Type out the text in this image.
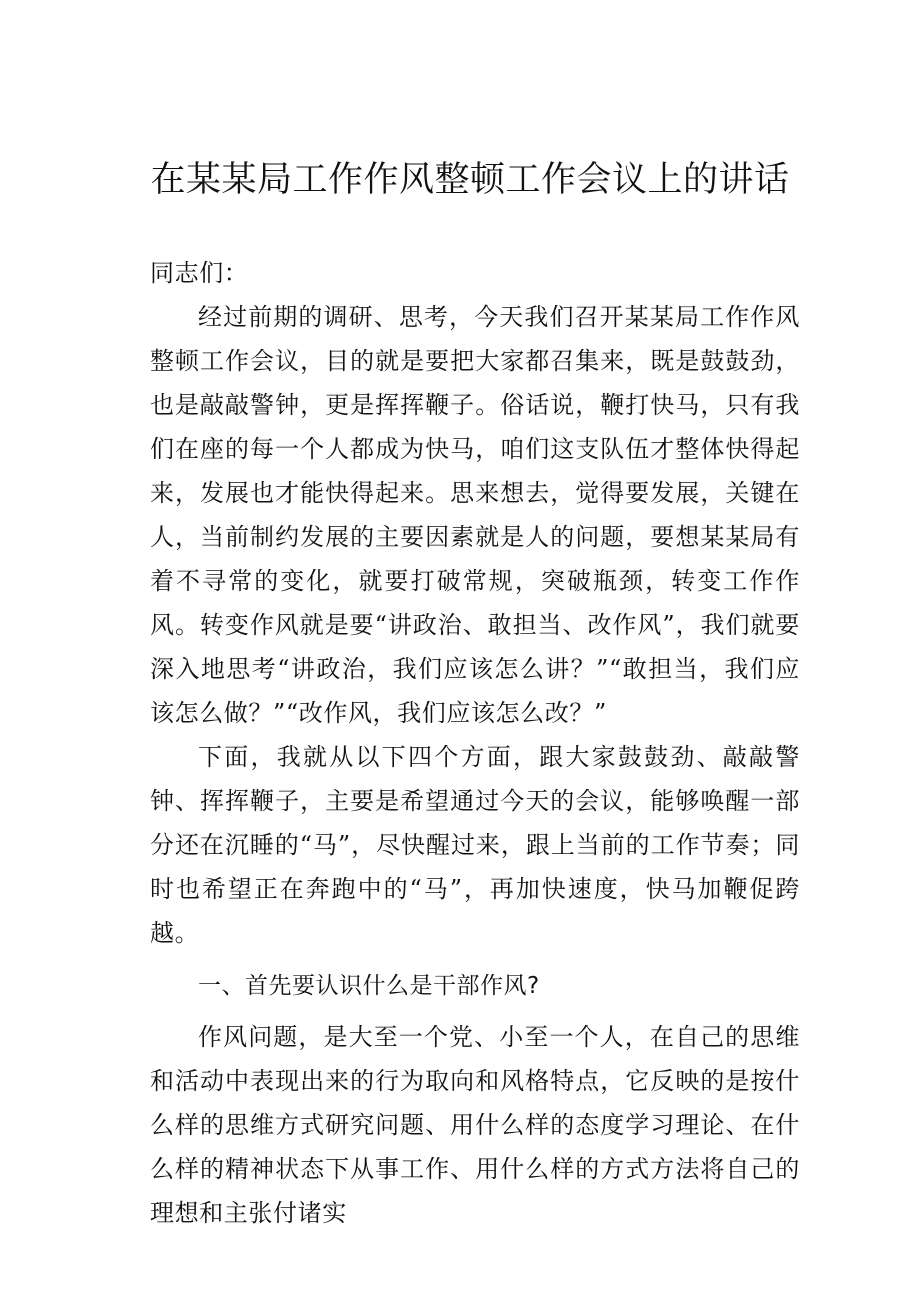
在某某局工作作风整顿工作会议上的讲话

同志们：

经过前期的调研、思考，今天我们召开某某局工作作风整顿工作会议，目的就是要把大家都召集来，既是鼓鼓劲，也是敲敲警钟，更是挥挥鞭子。俗话说，鞭打快马，只有我们在座的每一个人都成为快马，咱们这支队伍才整体快得起来，发展也才能快得起来。思来想去，觉得要发展，关键在人，当前制约发展的主要因素就是人的问题，要想某某局有着不寻常的变化，就要打破常规，突破瓶颈，转变工作作风。转变作风就是要“讲政治、敢担当、改作风”，我们就要深入地思考“讲政治，我们应该怎么讲？”“敢担当，我们应该怎么做？”“改作风，我们应该怎么改？”

下面，我就从以下四个方面，跟大家鼓鼓劲、敲敲警钟、挥挥鞭子，主要是希望通过今天的会议，能够唤醒一部分还在沉睡的“马”，尽快醒过来，跟上当前的工作节奏；同时也希望正在奔跑中的“马”，再加快速度，快马加鞭促跨越。

一、首先要认识什么是干部作风?

作风问题，是大至一个党、小至一个人，在自己的思维和活动中表现出来的行为取向和风格特点，它反映的是按什么样的思维方式研究问题、用什么样的态度学习理论、在什么样的精神状态下从事工作、用什么样的方式方法将自己的理想和主张付诸实
